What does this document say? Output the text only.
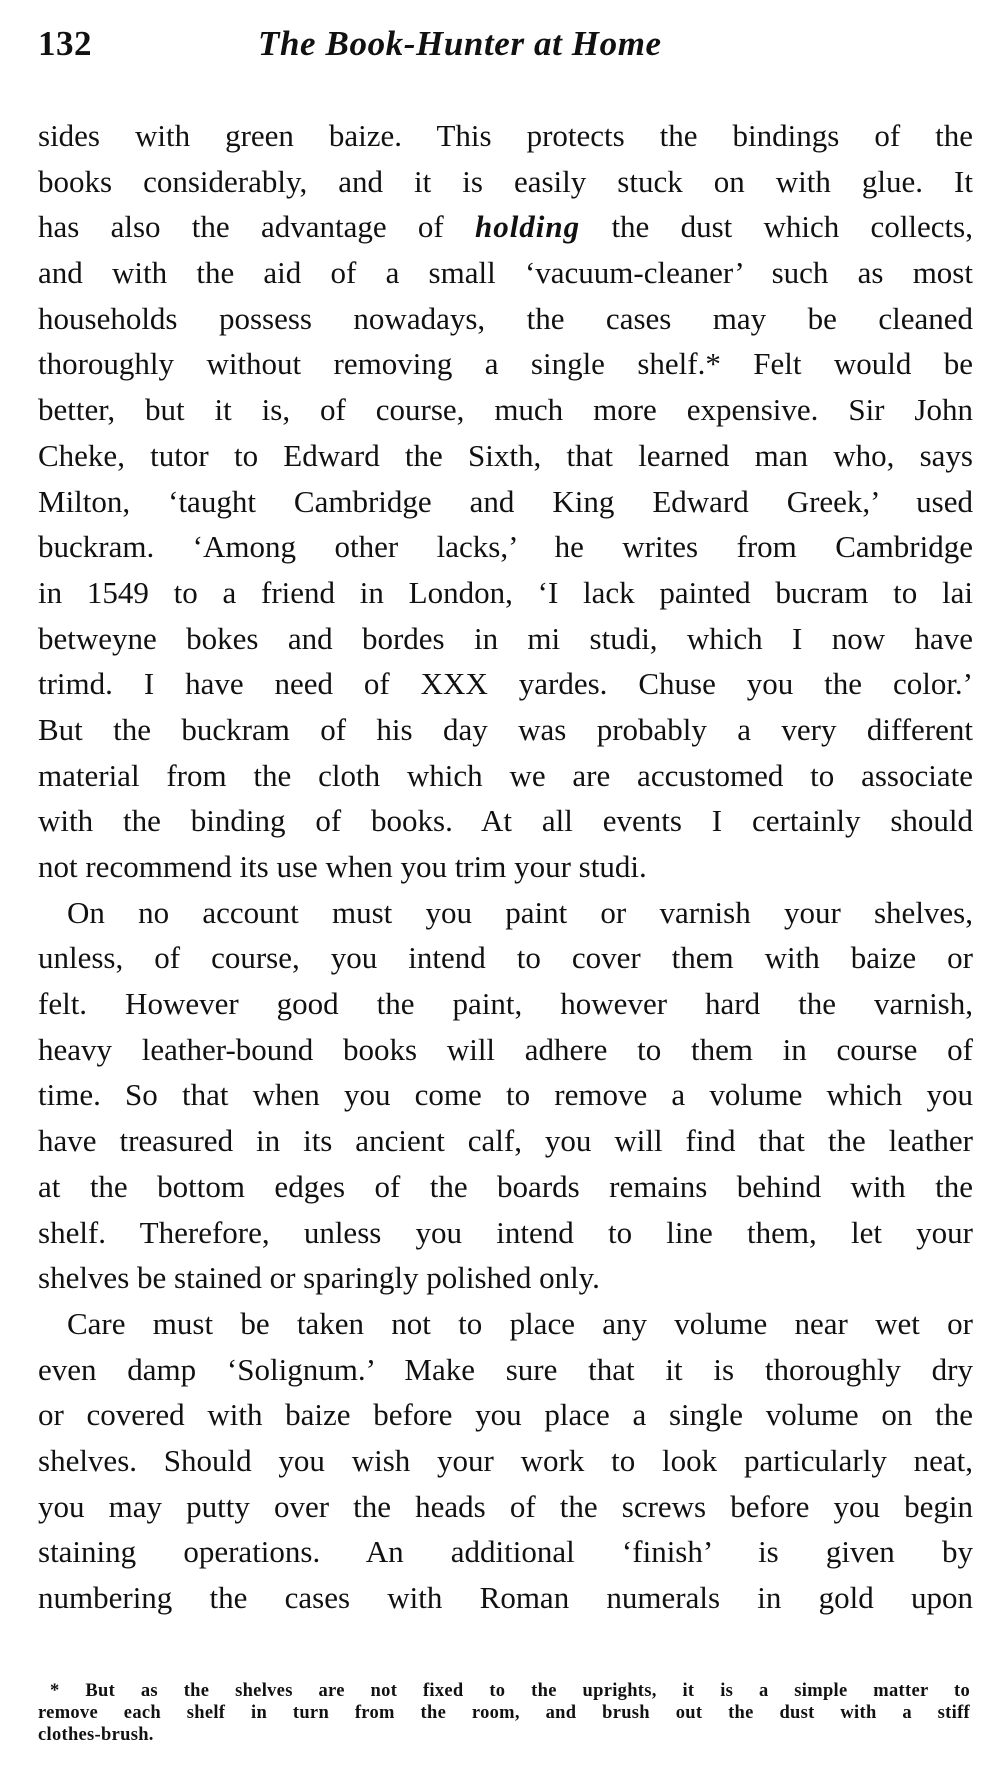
132	The Book-Hunter at Home
sides with green baize. This protects the bindings of the
books considerably, and it is easily stuck on with glue. It
has also the advantage of holding the dust which collects,
and with the aid of a small ‘vacuum-cleaner’ such as most
households possess nowadays, the cases may be cleaned
thoroughly without removing a single shelf.* Felt would be
better, but it is, of course, much more expensive. Sir John
Cheke, tutor to Edward the Sixth, that learned man who, says
Milton, ‘taught Cambridge and King Edward Greek,’ used
buckram. ‘Among other lacks,’ he writes from Cambridge
in 1549 to a friend in London, ‘I lack painted bucram to lai
betweyne bokes and bordes in mi studi, which I now have
trimd. I have need of XXX yardes. Chuse you the color.’
But the buckram of his day was probably a very different
material from the cloth which we are accustomed to associate
with the binding of books. At all events I certainly should
not recommend its use when you trim your studi.
On no account must you paint or varnish your shelves,
unless, of course, you intend to cover them with baize or
felt. However good the paint, however hard the varnish,
heavy leather-bound books will adhere to them in course of
time. So that when you come to remove a volume which you
have treasured in its ancient calf, you will find that the leather
at the bottom edges of the boards remains behind with the
shelf. Therefore, unless you intend to line them, let your
shelves be stained or sparingly polished only.
Care must be taken not to place any volume near wet or
even damp ‘Solignum.’ Make sure that it is thoroughly dry
or covered with baize before you place a single volume on the
shelves. Should you wish your work to look particularly neat,
you may putty over the heads of the screws before you begin
staining operations. An additional ‘finish’ is given by
numbering the cases with Roman numerals in gold upon
* But as the shelves are not fixed to the uprights, it is a simple matter to
remove each shelf in turn from the room, and brush out the dust with a stiff
clothes-brush.
